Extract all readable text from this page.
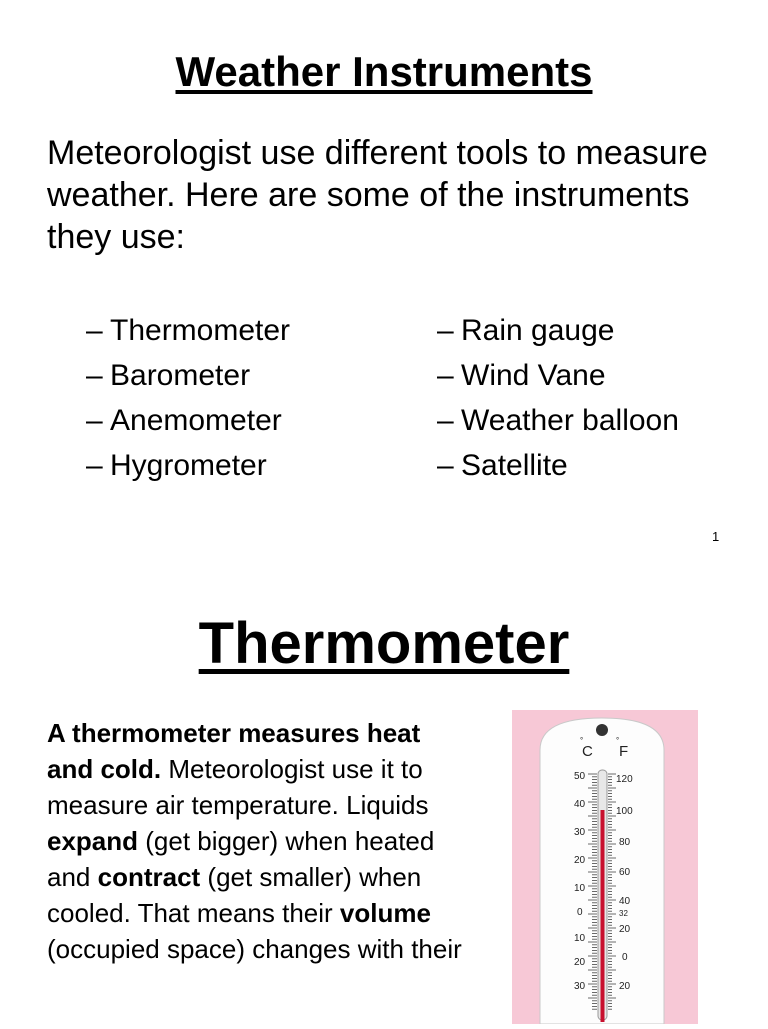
Weather Instruments
Meteorologist use different tools to measure weather. Here are some of the instruments they use:
– Thermometer
– Barometer
– Anemometer
– Hygrometer
– Rain gauge
– Wind Vane
– Weather balloon
– Satellite
1
Thermometer
A thermometer measures heat and cold. Meteorologist use it to measure air temperature. Liquids expand (get bigger) when heated and contract (get smaller) when cooled. That means their volume (occupied space) changes with their
C
°
F
°
50
40
30
20
10
0
10
20
30
120
100
80
60
40
32
20
0
20
